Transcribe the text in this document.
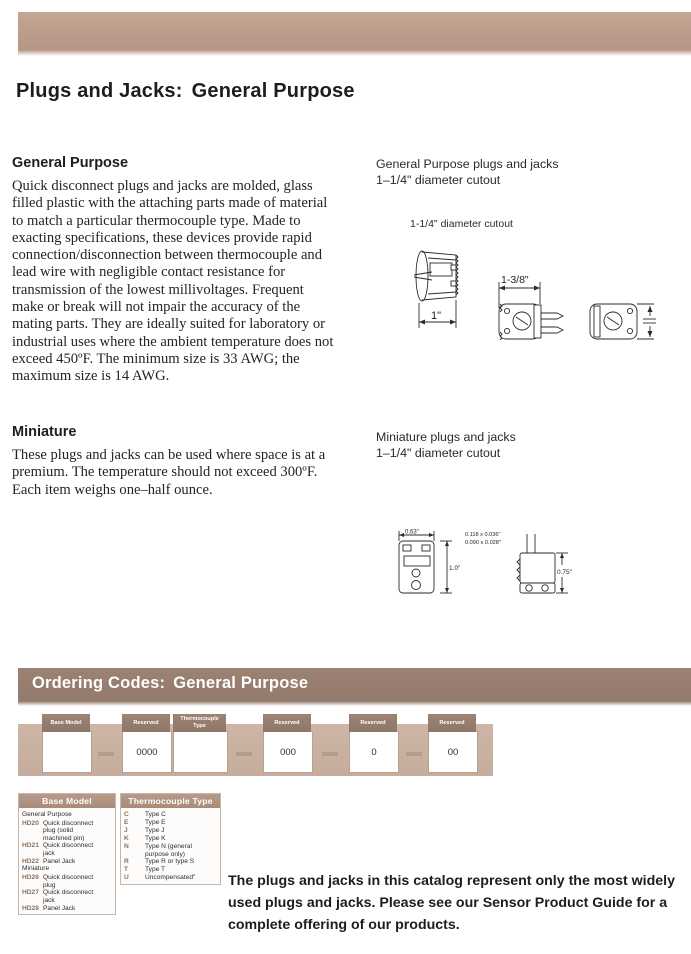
Plugs and Jacks: General Purpose
General Purpose

Quick disconnect plugs and jacks are molded, glass filled plastic with the attaching parts made of material to match a particular thermocouple type. Made to exacting specifications, these devices provide rapid connection/disconnection between thermocouple and lead wire with negligible contact resistance for transmission of the lowest millivoltages. Frequent make or break will not impair the accuracy of the mating parts. They are ideally suited for laboratory or industrial uses where the ambient temperature does not exceed 450ºF. The minimum size is 33 AWG; the maximum size is 14 AWG.

Miniature

These plugs and jacks can be used where space is at a premium. The temperature should not exceed 300ºF. Each item weighs one–half ounce.

General Purpose plugs and jacks
1–1/4" diameter cutout
1-1/4" diameter cutout
Miniature plugs and jacks
1–1/4" diameter cutout
1"
1-3/8"
0.63"
1.0"
0.118 x 0.036"
0.090 x 0.028"
0.75"
Ordering Codes: General Purpose
Base Model	Reserved
0000
Thermocouple Type
Reserved
000
Reserved
0
Reserved
00
Base Model
General Purpose
HD20 Quick disconnect
plug (solid
machined pin)
HD21 Quick disconnect
jack
HD22 Panel Jack
Miniature
HD26 Quick disconnect
plug
HD27 Quick disconnect
jack
HD28 Panel Jack
Thermocouple Type
C	Type C
E	Type E
J	Type J
K	Type K
N	Type N (general
purpose only)
R	Type R or type S
T	Type T
U	Uncompensated"	The plugs and jacks in this catalog represent only the most widely used plugs and jacks. Please see our Sensor Product Guide for a complete offering of our products.
